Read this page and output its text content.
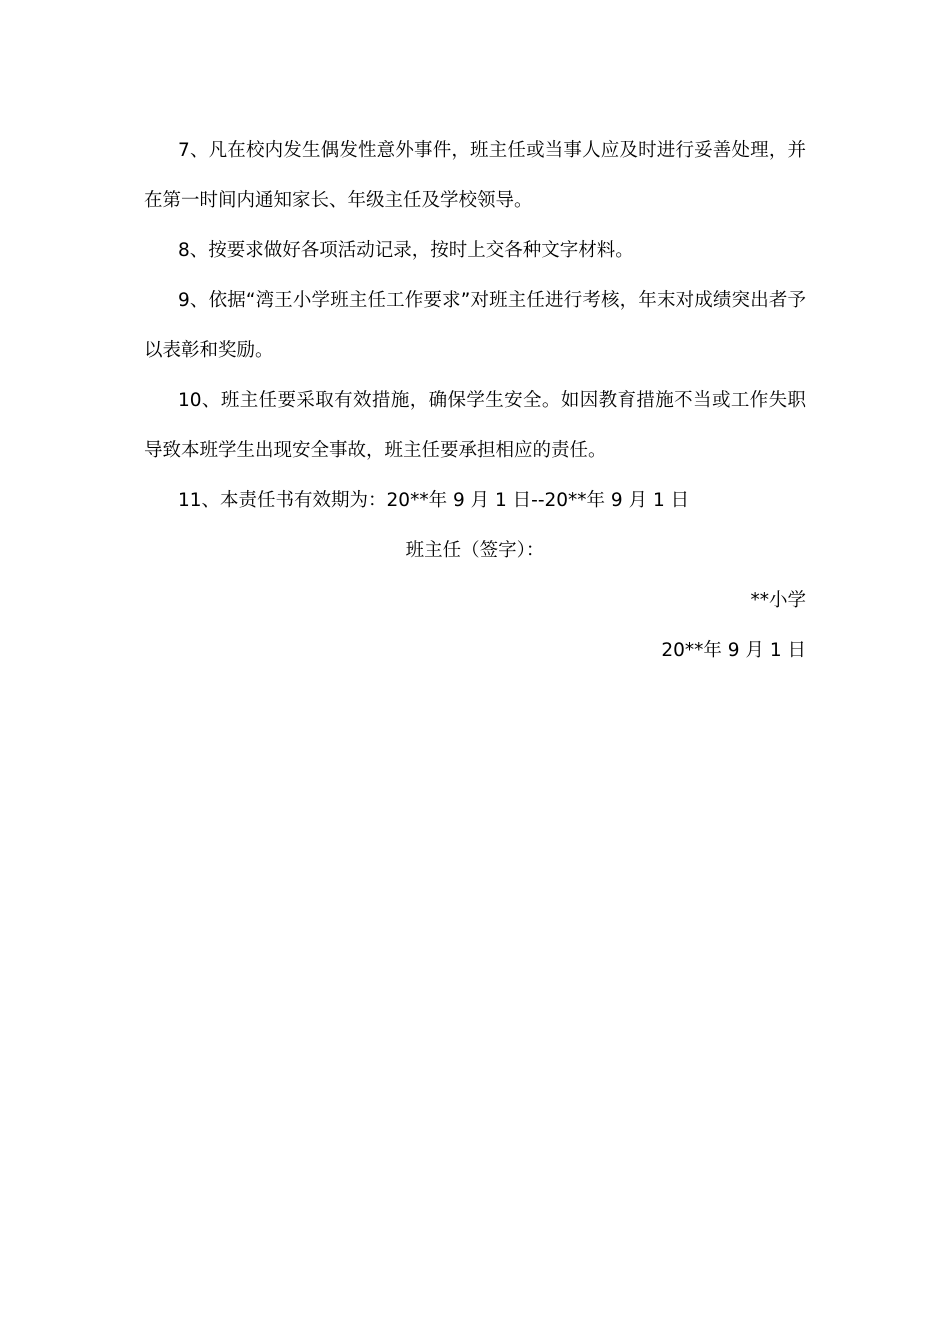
7、凡在校内发生偶发性意外事件，班主任或当事人应及时进行妥善处理，并在第一时间内通知家长、年级主任及学校领导。

8、按要求做好各项活动记录，按时上交各种文字材料。

9、依据“湾王小学班主任工作要求”对班主任进行考核，年末对成绩突出者予以表彰和奖励。

10、班主任要采取有效措施，确保学生安全。如因教育措施不当或工作失职导致本班学生出现安全事故，班主任要承担相应的责任。

11、本责任书有效期为：20**年 9 月 1 日--20**年 9 月 1 日

班主任（签字）：

**小学

20**年 9 月 1 日
